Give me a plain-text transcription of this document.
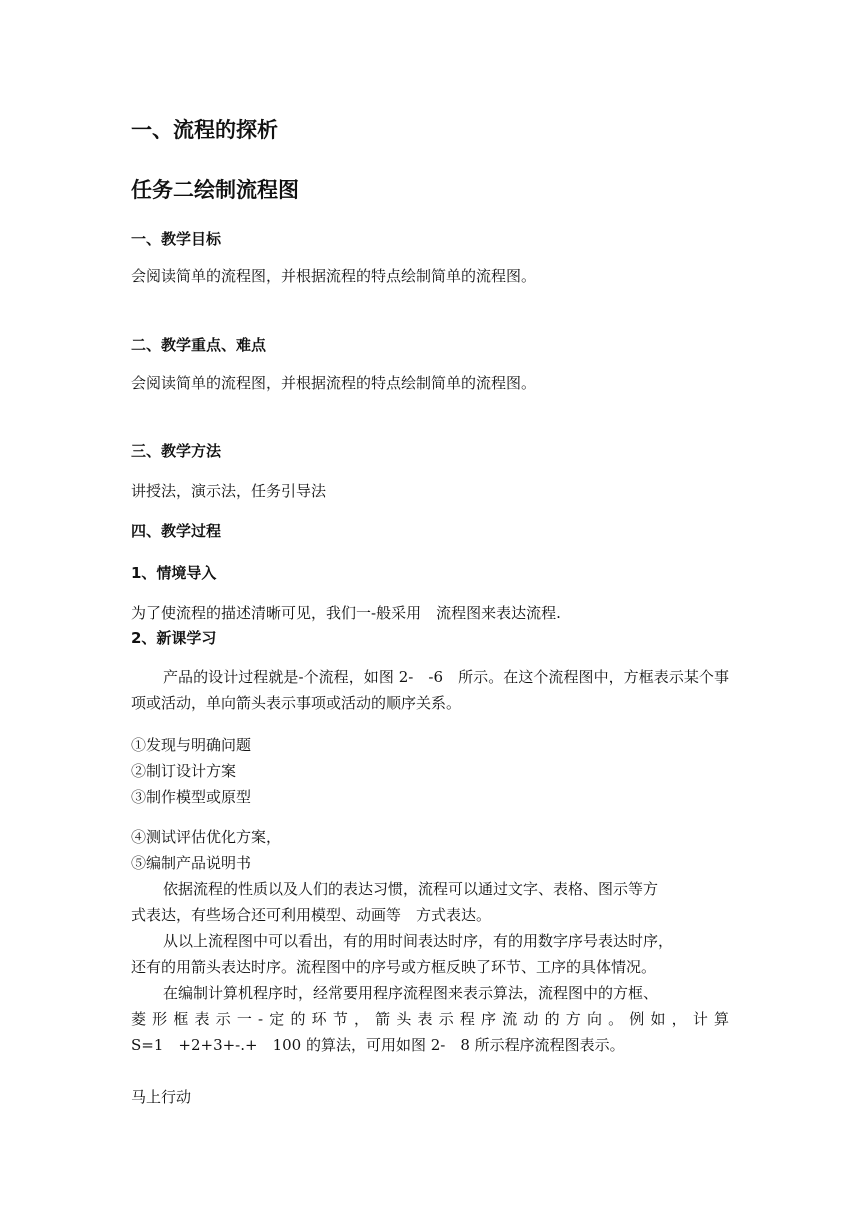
一、流程的探析
任务二绘制流程图
一、教学目标
会阅读简单的流程图，并根据流程的特点绘制简单的流程图。
二、教学重点、难点
会阅读简单的流程图，并根据流程的特点绘制简单的流程图。
三、教学方法
讲授法，演示法，任务引导法
四、教学过程
1、情境导入
为了使流程的描述清晰可见，我们一-般采用　流程图来表达流程.
2、新课学习
产品的设计过程就是-个流程，如图 2-　-6　所示。在这个流程图中，方框表示某个事项或活动，单向箭头表示事项或活动的顺序关系。
①发现与明确问题
②制订设计方案
③制作模型或原型
④测试评估优化方案，
⑤编制产品说明书
依据流程的性质以及人们的表达习惯，流程可以通过文字、表格、图示等方
式表达，有些场合还可利用模型、动画等　方式表达。
从以上流程图中可以看出，有的用时间表达时序，有的用数字序号表达时序，
还有的用箭头表达时序。流程图中的序号或方框反映了环节、工序的具体情况。
在编制计算机程序时，经常要用程序流程图来表示算法，流程图中的方框、
菱形框表示一-定的环节，箭头表示程序流动的方向。例如，计算
S=1　+2+3+-.+　100 的算法，可用如图 2-　8 所示程序流程图表示。
马上行动
